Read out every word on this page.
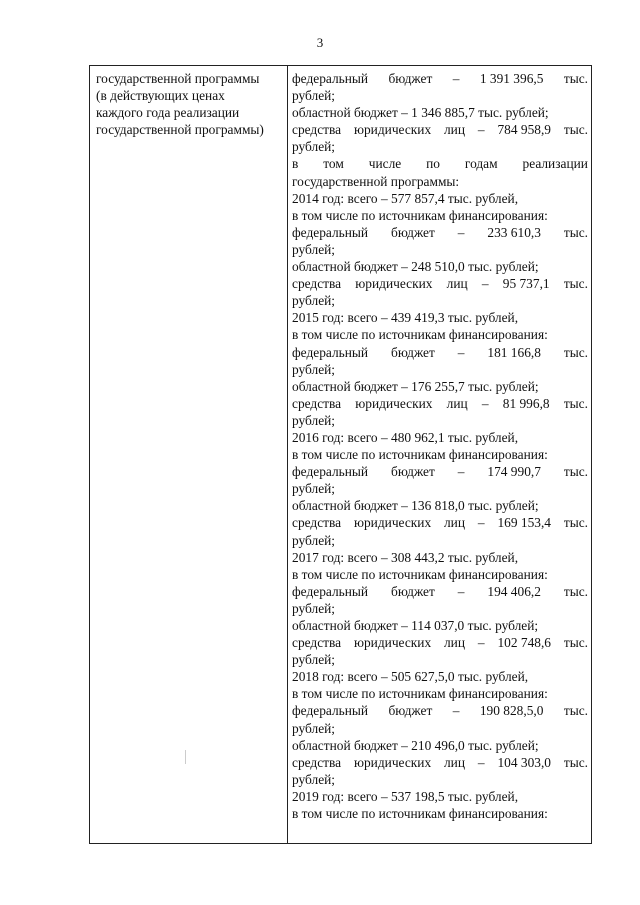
3
государственной программы
(в действующих ценах
каждого года реализации
государственной программы)
федеральный бюджет – 1 391 396,5 тыс.
рублей;
областной бюджет – 1 346 885,7 тыс. рублей;
средства юридических лиц – 784 958,9 тыс.
рублей;
в том числе по годам реализации
государственной программы:
2014 год: всего – 577 857,4 тыс. рублей,
в том числе по источникам финансирования:
федеральный бюджет – 233 610,3 тыс.
рублей;
областной бюджет – 248 510,0 тыс. рублей;
средства юридических лиц – 95 737,1 тыс.
рублей;
2015 год: всего – 439 419,3 тыс. рублей,
в том числе по источникам финансирования:
федеральный бюджет – 181 166,8 тыс.
рублей;
областной бюджет – 176 255,7 тыс. рублей;
средства юридических лиц – 81 996,8 тыс.
рублей;
2016 год: всего – 480 962,1 тыс. рублей,
в том числе по источникам финансирования:
федеральный бюджет – 174 990,7 тыс.
рублей;
областной бюджет – 136 818,0 тыс. рублей;
средства юридических лиц – 169 153,4 тыс.
рублей;
2017 год: всего – 308 443,2 тыс. рублей,
в том числе по источникам финансирования:
федеральный бюджет – 194 406,2 тыс.
рублей;
областной бюджет – 114 037,0 тыс. рублей;
средства юридических лиц – 102 748,6 тыс.
рублей;
2018 год: всего – 505 627,5,0 тыс. рублей,
в том числе по источникам финансирования:
федеральный бюджет – 190 828,5,0 тыс.
рублей;
областной бюджет – 210 496,0 тыс. рублей;
средства юридических лиц – 104 303,0 тыс.
рублей;
2019 год: всего – 537 198,5 тыс. рублей,
в том числе по источникам финансирования:
